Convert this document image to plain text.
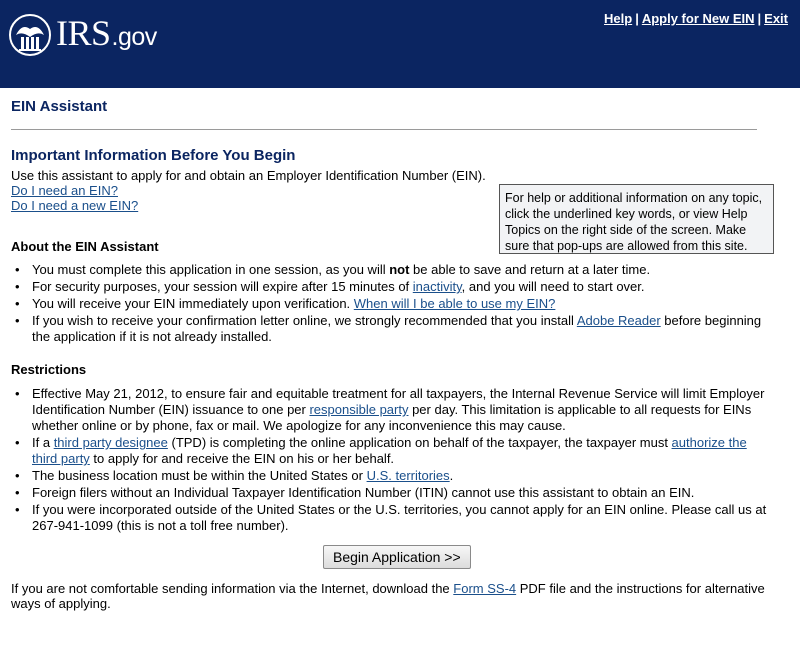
IRS.gov
Help | Apply for New EIN | Exit
EIN Assistant
Important Information Before You Begin
Use this assistant to apply for and obtain an Employer Identification Number (EIN).
Do I need an EIN?
Do I need a new EIN?	For help or additional information on any topic, click the underlined key words, or view Help Topics on the right side of the screen. Make sure that pop-ups are allowed from this site.
About the EIN Assistant
• You must complete this application in one session, as you will not be able to save and return at a later time.
• For security purposes, your session will expire after 15 minutes of inactivity, and you will need to start over.
• You will receive your EIN immediately upon verification. When will I be able to use my EIN?
• If you wish to receive your confirmation letter online, we strongly recommended that you install Adobe Reader before beginning the application if it is not already installed.
Restrictions
• Effective May 21, 2012, to ensure fair and equitable treatment for all taxpayers, the Internal Revenue Service will limit Employer Identification Number (EIN) issuance to one per responsible party per day. This limitation is applicable to all requests for EINs whether online or by phone, fax or mail. We apologize for any inconvenience this may cause.
• If a third party designee (TPD) is completing the online application on behalf of the taxpayer, the taxpayer must authorize the third party to apply for and receive the EIN on his or her behalf.
• The business location must be within the United States or U.S. territories.
• Foreign filers without an Individual Taxpayer Identification Number (ITIN) cannot use this assistant to obtain an EIN.
• If you were incorporated outside of the United States or the U.S. territories, you cannot apply for an EIN online. Please call us at 267-941-1099 (this is not a toll free number).
Begin Application >>
If you are not comfortable sending information via the Internet, download the Form SS-4 PDF file and the instructions for alternative ways of applying.
